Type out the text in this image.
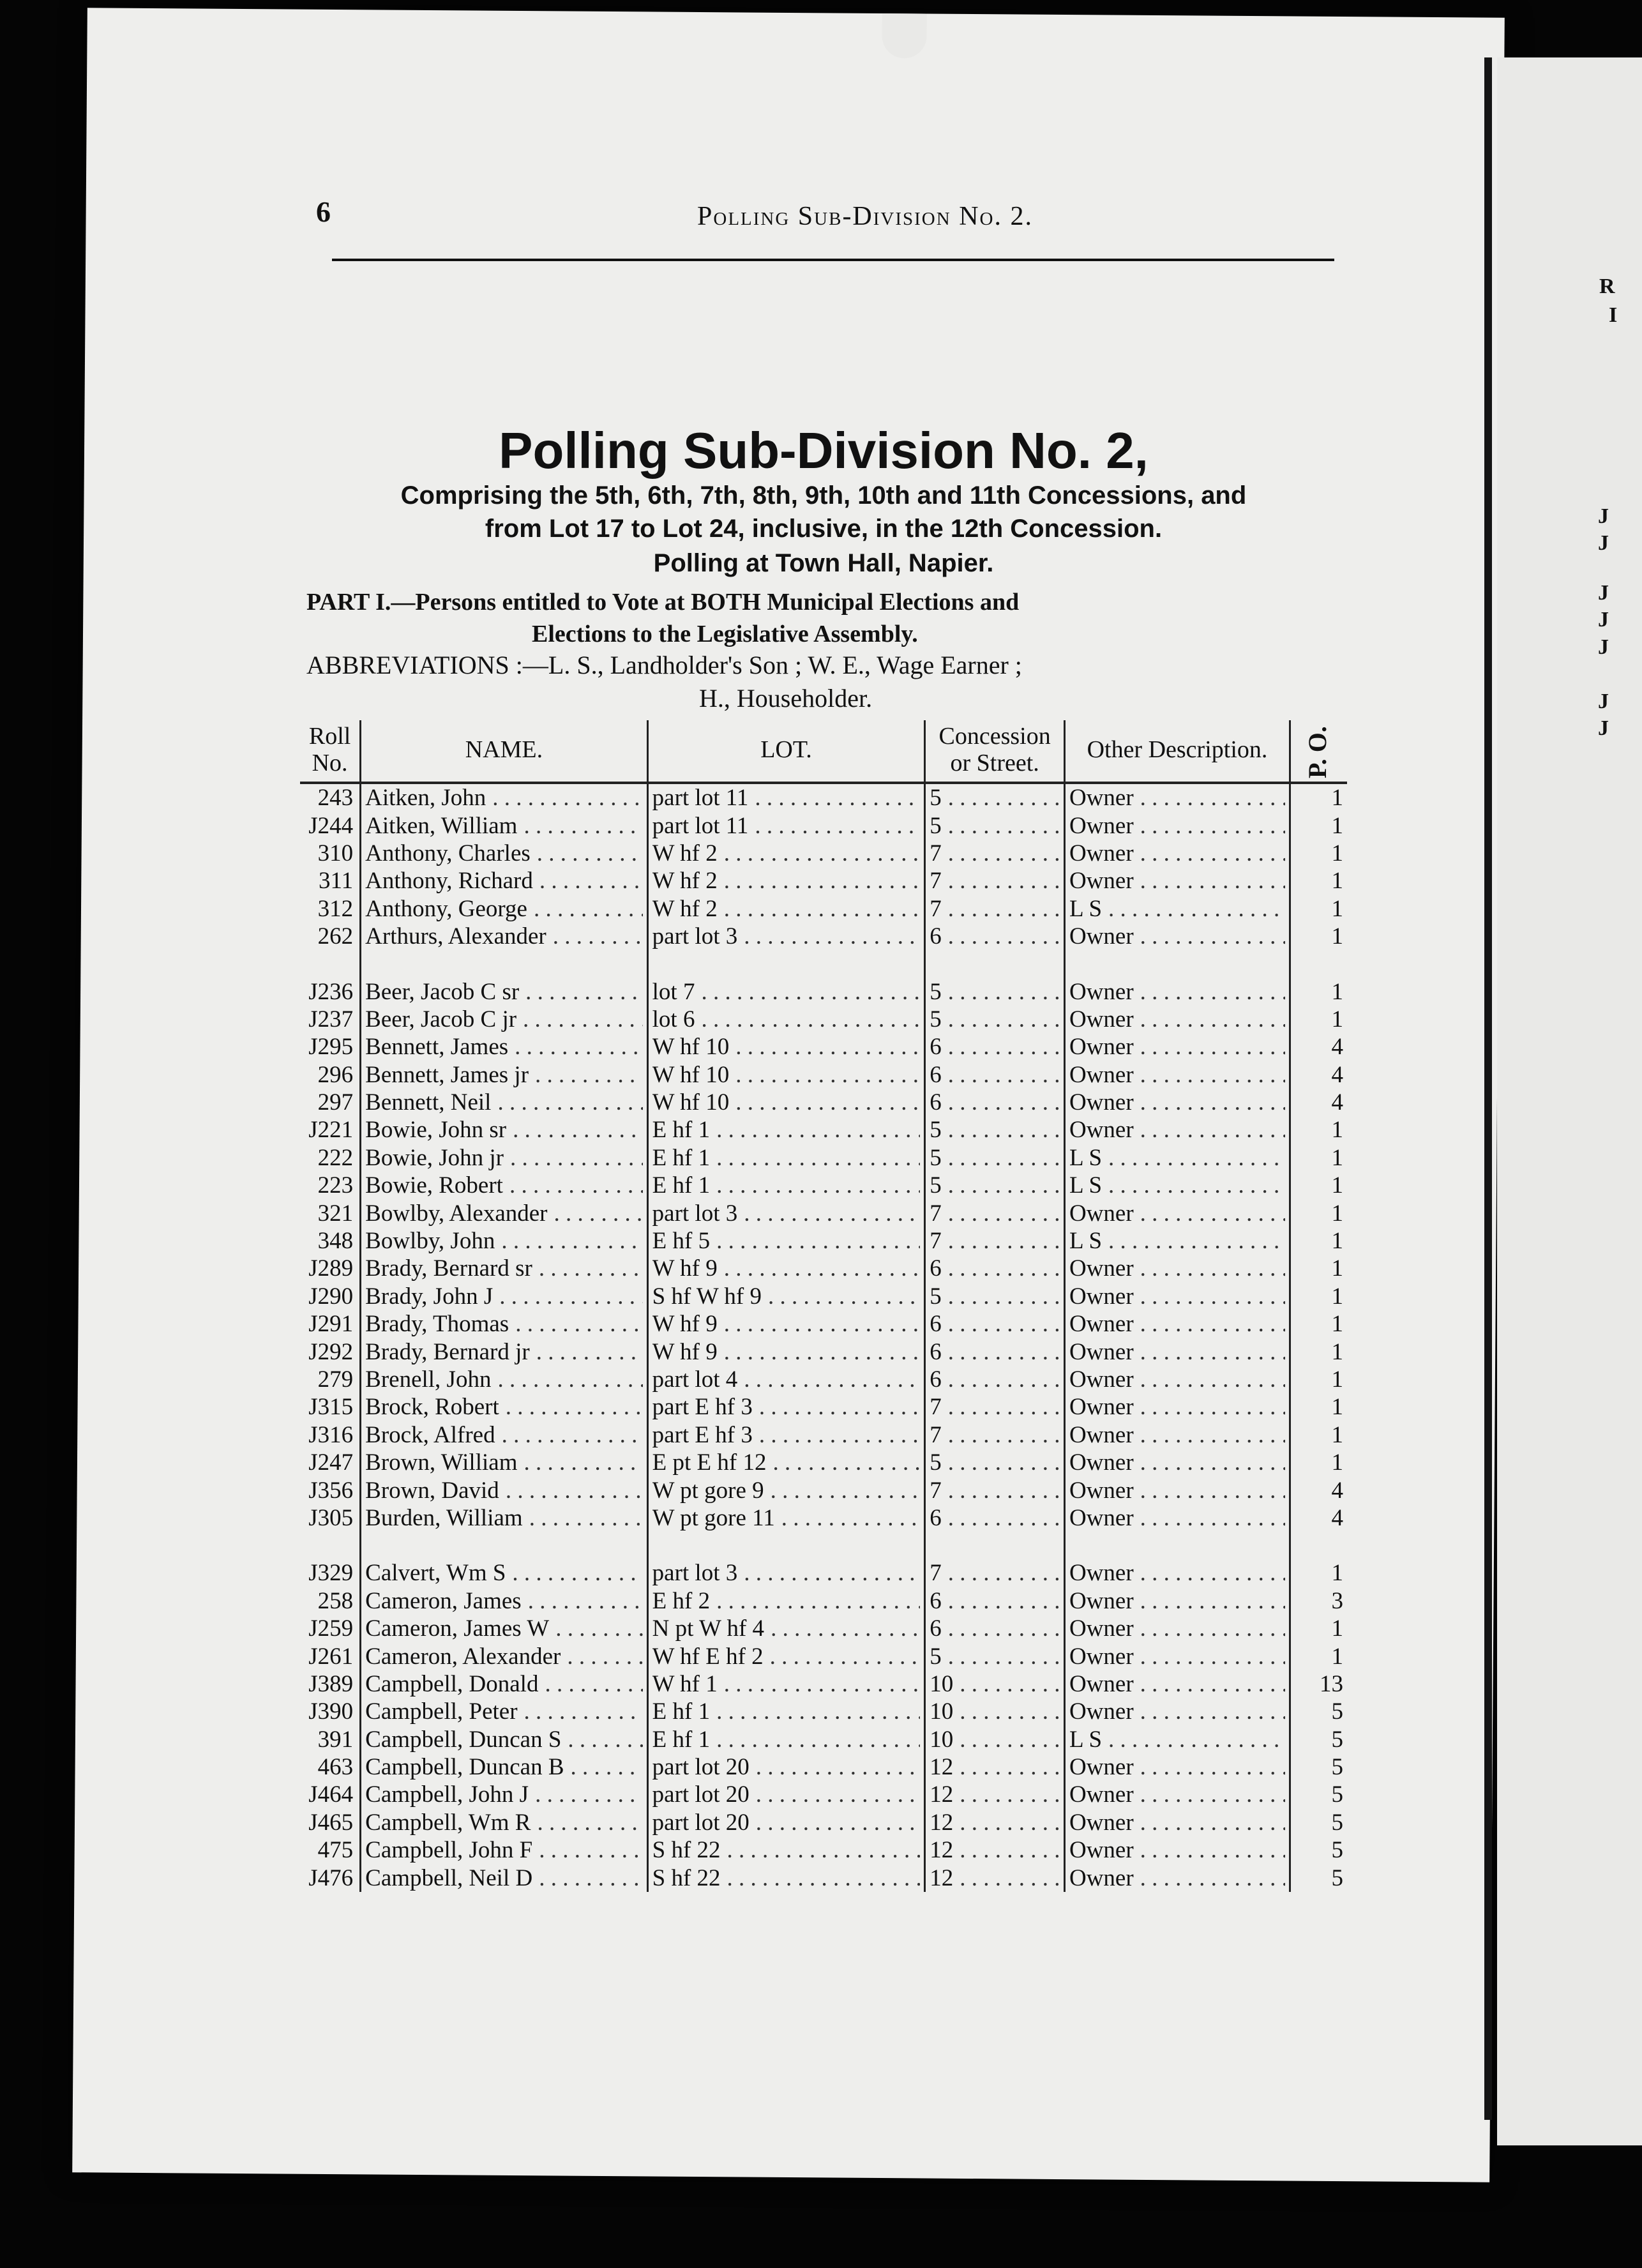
R
I
J
J
J
J
J
J
J
6	Polling Sub-Division No. 2.
Polling Sub-Division No. 2,
Comprising the 5th, 6th, 7th, 8th, 9th, 10th and 11th Concessions, and
from Lot 17 to Lot 24, inclusive, in the 12th Concession.
Polling at Town Hall, Napier.
PART I.—Persons entitled to Vote at BOTH Municipal Elections and
Elections to the Legislative Assembly.
ABBREVIATIONS :—L. S., Landholder's Son ; W. E., Wage Earner ;
H., Householder.
Roll No.	NAME.	LOT.	Concession or Street.	Other Description.	P. O.
243	Aitken, John . . .	part lot 11 . . .	5 . . .	Owner . . .	1
J244	Aitken, William . . .	part lot 11 . . .	5 . . .	Owner . . .	1
310	Anthony, Charles . . .	W hf 2 . . .	7 . . .	Owner . . .	1
311	Anthony, Richard . . .	W hf 2 . . .	7 . . .	Owner . . .	1
312	Anthony, George . . .	W hf 2 . . .	7 . . .	L S . . .	1
262	Arthurs, Alexander . . .	part lot 3 . . .	6 . . .	Owner . . .	1

J236	Beer, Jacob C sr . . .	lot 7 . . .	5 . . .	Owner . . .	1
J237	Beer, Jacob C jr . . .	lot 6 . . .	5 . . .	Owner . . .	1
J295	Bennett, James . . .	W hf 10 . . .	6 . . .	Owner . . .	4
296	Bennett, James jr . . .	W hf 10 . . .	6 . . .	Owner . . .	4
297	Bennett, Neil . . .	W hf 10 . . .	6 . . .	Owner . . .	4
J221	Bowie, John sr . . .	E hf 1 . . .	5 . . .	Owner . . .	1
222	Bowie, John jr . . .	E hf 1 . . .	5 . . .	L S . . .	1
223	Bowie, Robert . . .	E hf 1 . . .	5 . . .	L S . . .	1
321	Bowlby, Alexander . . .	part lot 3 . . .	7 . . .	Owner . . .	1
348	Bowlby, John . . .	E hf 5 . . .	7 . . .	L S . . .	1
J289	Brady, Bernard sr . . .	W hf 9 . . .	6 . . .	Owner . . .	1
J290	Brady, John J . . .	S hf W hf 9 . . .	5 . . .	Owner . . .	1
J291	Brady, Thomas . . .	W hf 9 . . .	6 . . .	Owner . . .	1
J292	Brady, Bernard jr . . .	W hf 9 . . .	6 . . .	Owner . . .	1
279	Brenell, John . . .	part lot 4 . . .	6 . . .	Owner . . .	1
J315	Brock, Robert . . .	part E hf 3 . . .	7 . . .	Owner . . .	1
J316	Brock, Alfred . . .	part E hf 3 . . .	7 . . .	Owner . . .	1
J247	Brown, William . . .	E pt E hf 12 . . .	5 . . .	Owner . . .	1
J356	Brown, David . . .	W pt gore 9 . . .	7 . . .	Owner . . .	4
J305	Burden, William . . .	W pt gore 11 . . .	6 . . .	Owner . . .	4

J329	Calvert, Wm S . . .	part lot 3 . . .	7 . . .	Owner . . .	1
258	Cameron, James . . .	E hf 2 . . .	6 . . .	Owner . . .	3
J259	Cameron, James W . . .	N pt W hf 4 . . .	6 . . .	Owner . . .	1
J261	Cameron, Alexander . . .	W hf E hf 2 . . .	5 . . .	Owner . . .	1
J389	Campbell, Donald . . .	W hf 1 . . .	10 . . .	Owner . . .	13
J390	Campbell, Peter . . .	E hf 1 . . .	10 . . .	Owner . . .	5
391	Campbell, Duncan S . . .	E hf 1 . . .	10 . . .	L S . . .	5
463	Campbell, Duncan B . . .	part lot 20 . . .	12 . . .	Owner . . .	5
J464	Campbell, John J . . .	part lot 20 . . .	12 . . .	Owner . . .	5
J465	Campbell, Wm R . . .	part lot 20 . . .	12 . . .	Owner . . .	5
475	Campbell, John F . . .	S hf 22 . . .	12 . . .	Owner . . .	5
J476	Campbell, Neil D . . .	S hf 22 . . .	12 . . .	Owner . . .	5
